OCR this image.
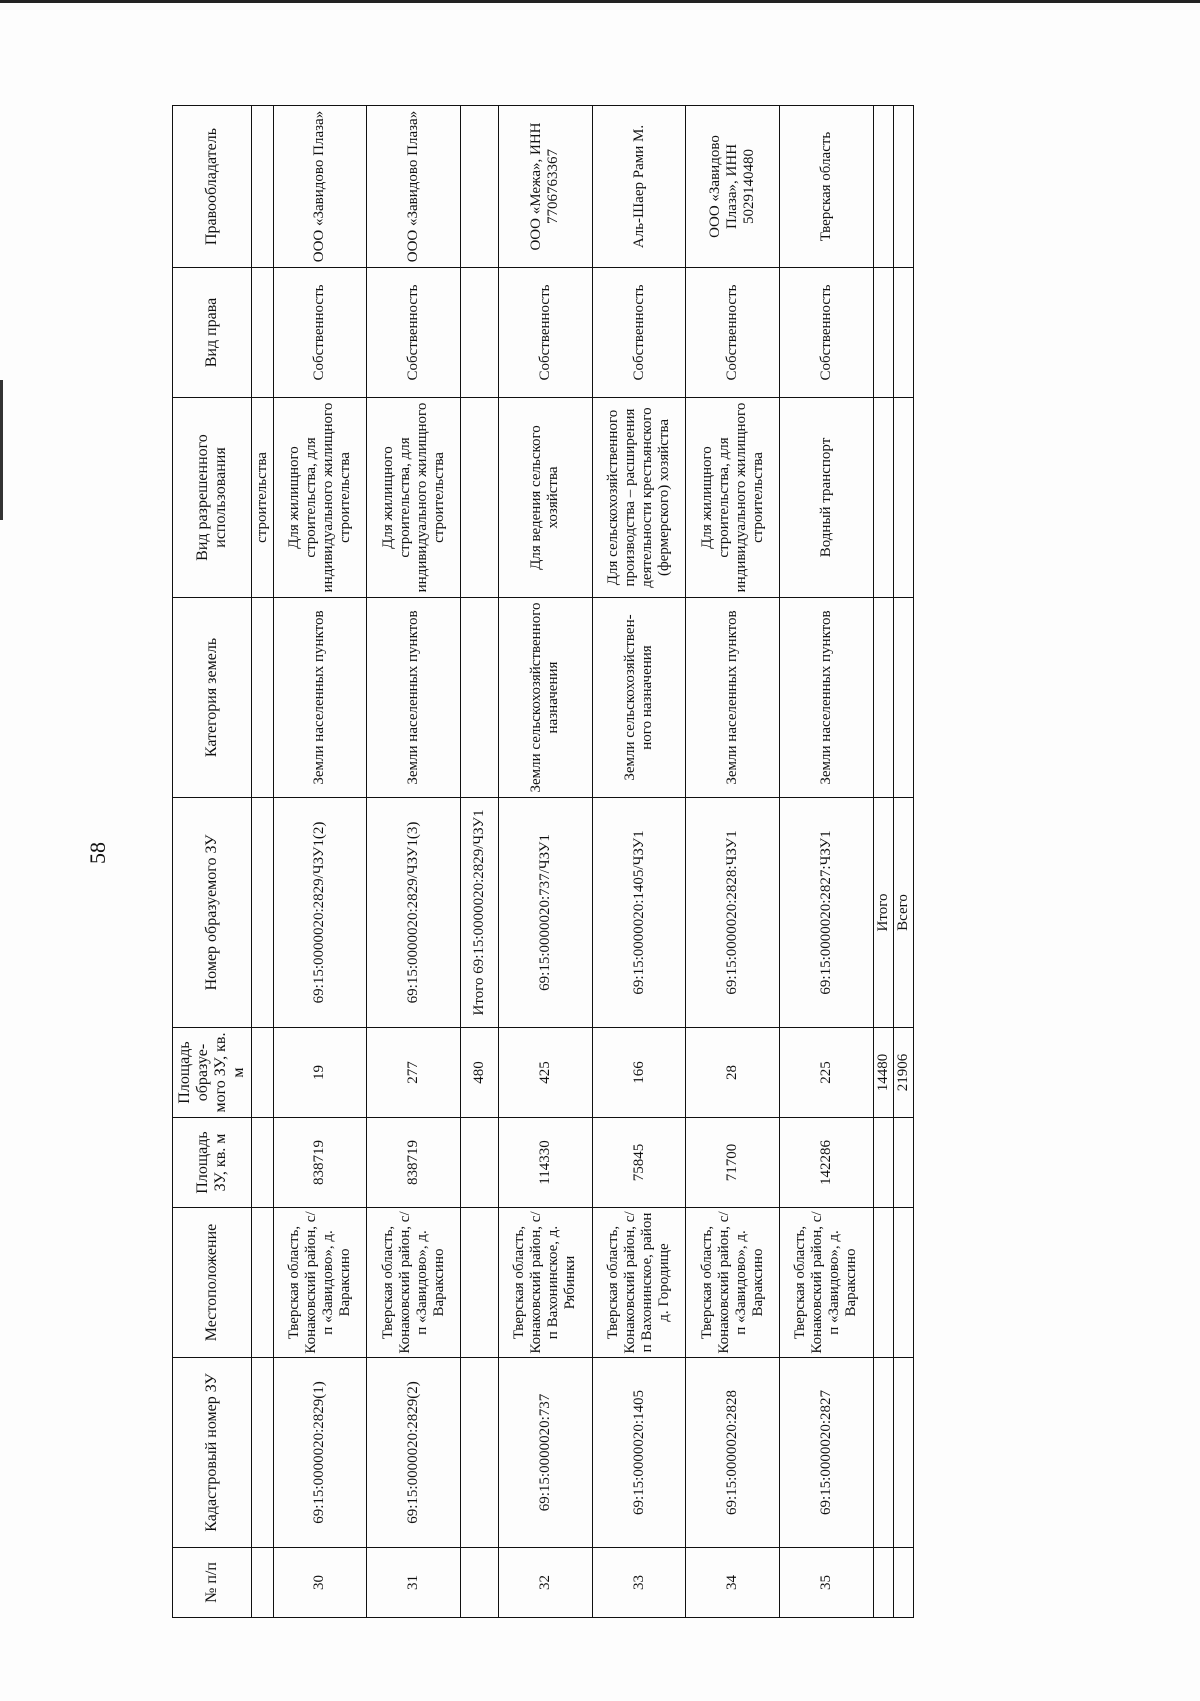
58
№ п/п	Кадастровый номер ЗУ	Местоположение	Площадь ЗУ, кв. м	Площадь образуе-мого ЗУ, кв. м	Номер образуемого ЗУ	Категория земель	Вид разрешенного использования	Вид права	Правообладатель
							строительства		
30	69:15:0000020:2829(1)	Тверская область, Конаковский район, с/п «Завидово», д. Вараксино	838719	19	69:15:0000020:2829/ЧЗУ1(2)	Земли населенных пунктов	Для жилищного строительства, для индивидуального жилищного строительства	Собственность	ООО «Завидово Плаза»
31	69:15:0000020:2829(2)	Тверская область, Конаковский район, с/п «Завидово», д. Вараксино	838719	277	69:15:0000020:2829/ЧЗУ1(3)	Земли населенных пунктов	Для жилищного строительства, для индивидуального жилищного строительства	Собственность	ООО «Завидово Плаза»
				480	Итого 69:15:0000020:2829/ЧЗУ1				
32	69:15:0000020:737	Тверская область, Конаковский район, с/п Вахонинское, д. Рябинки	114330	425	69:15:0000020:737/ЧЗУ1	Земли сельскохозяйственного назначения	Для ведения сельского хозяйства	Собственность	ООО «Межа», ИНН 7706763367
33	69:15:0000020:1405	Тверская область, Конаковский район, с/п Вахонинское, район д. Городище	75845	166	69:15:0000020:1405/ЧЗУ1	Земли сельскохозяйствен-ного назначения	Для сельскохозяйственного производства – расширения деятельности крестьянского (фермерского) хозяйства	Собственность	Аль-Шаер Рами М.
34	69:15:0000020:2828	Тверская область, Конаковский район, с/п «Завидово», д. Вараксино	71700	28	69:15:0000020:2828:ЧЗУ1	Земли населенных пунктов	Для жилищного строительства, для индивидуального жилищного строительства	Собственность	ООО «Завидово Плаза», ИНН 5029140480
35	69:15:0000020:2827	Тверская область, Конаковский район, с/п «Завидово», д. Вараксино	142286	225	69:15:0000020:2827:ЧЗУ1	Земли населенных пунктов	Водный транспорт	Собственность	Тверская область
				14480	Итого				
				21906	Всего				
